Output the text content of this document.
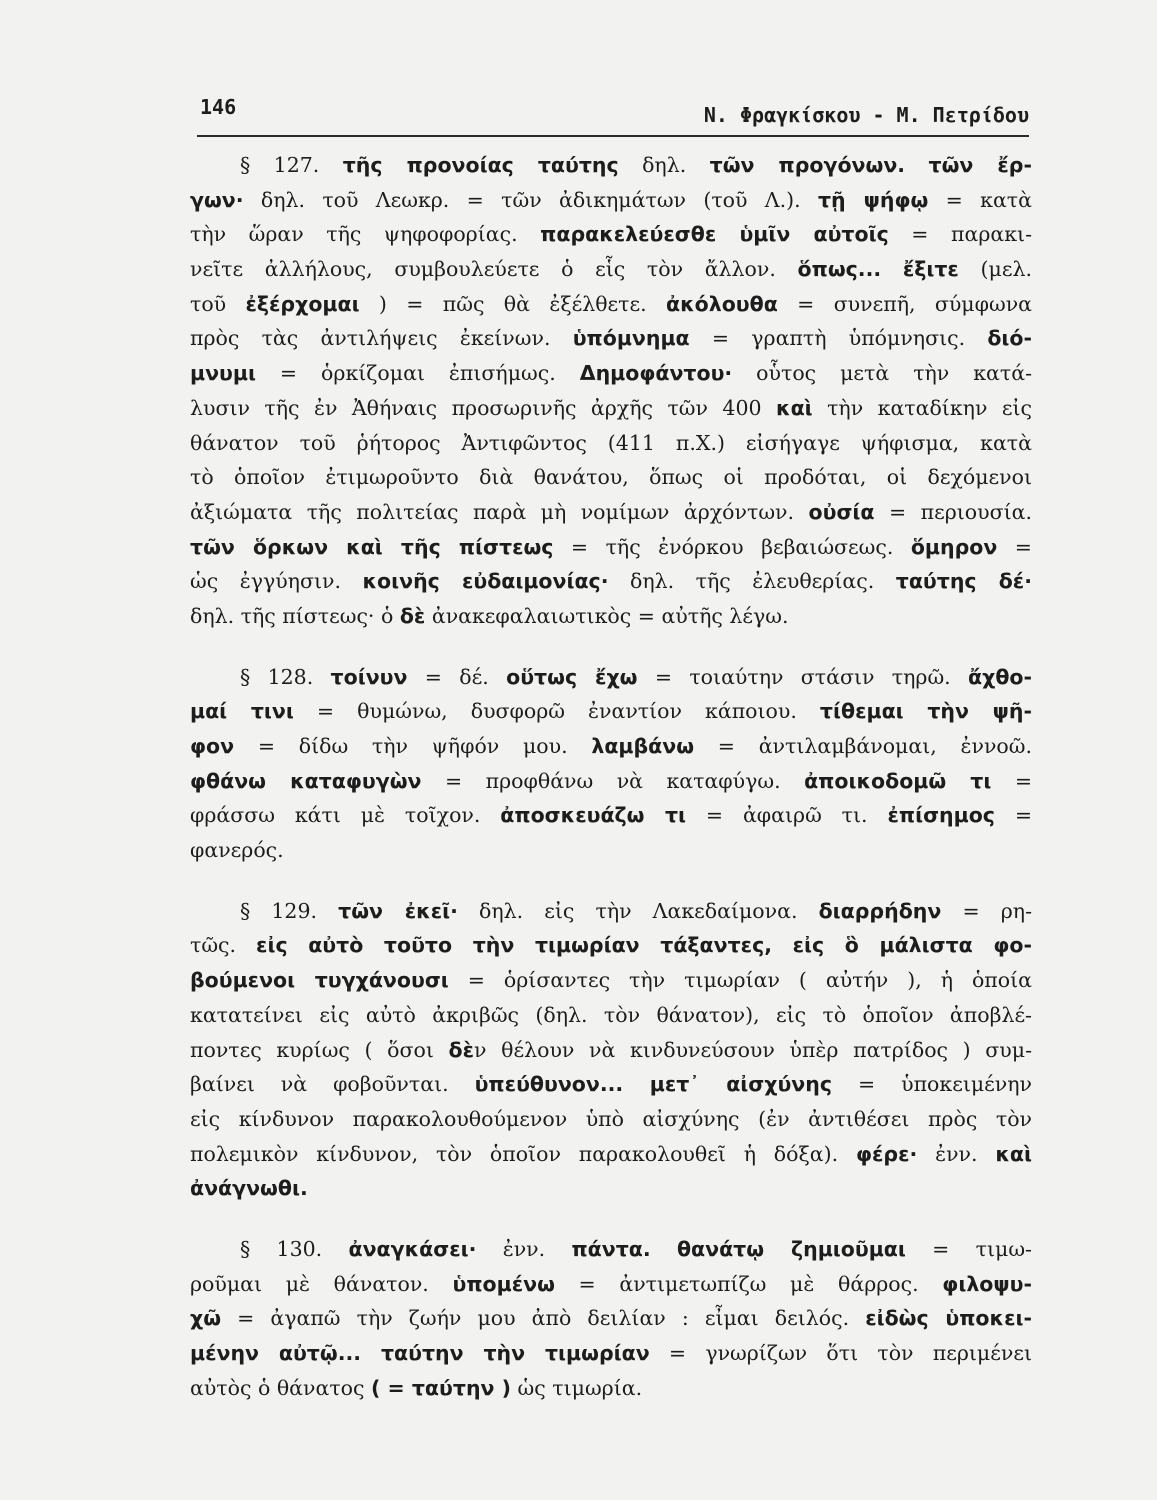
146	Ν. Φραγκίσκου - Μ. Πετρίδου
§ 127. τῆς προνοίας ταύτης δηλ. τῶν προγόνων. τῶν ἔρ-
γων· δηλ. τοῦ Λεωκρ. = τῶν ἀδικημάτων (τοῦ Λ.). τῇ ψήφῳ = κατὰ
τὴν ὥραν τῆς ψηφοφορίας. παρακελεύεσθε ὑμῖν αὐτοῖς = παρακι-
νεῖτε ἀλλήλους, συμβουλεύετε ὁ εἷς τὸν ἄλλον. ὅπως... ἔξιτε (μελ.
τοῦ ἐξέρχομαι ) = πῶς θὰ ἐξέλθετε. ἀκόλουθα = συνεπῆ, σύμφωνα
πρὸς τὰς ἀντιλήψεις ἐκείνων. ὑπόμνημα = γραπτὴ ὑπόμνησις. διό-
μνυμι = ὁρκίζομαι ἐπισήμως. Δημοφάντου· οὗτος μετὰ τὴν κατά-
λυσιν τῆς ἐν Ἀθήναις προσωρινῆς ἀρχῆς τῶν 400 καὶ τὴν καταδίκην εἰς
θάνατον τοῦ ῥήτορος Ἀντιφῶντος (411 π.Χ.) εἰσήγαγε ψήφισμα, κατὰ
τὸ ὁποῖον ἐτιμωροῦντο διὰ θανάτου, ὅπως οἱ προδόται, οἱ δεχόμενοι
ἀξιώματα τῆς πολιτείας παρὰ μὴ νομίμων ἀρχόντων. οὐσία = περιουσία.
τῶν ὅρκων καὶ τῆς πίστεως = τῆς ἐνόρκου βεβαιώσεως. ὅμηρον =
ὡς ἐγγύησιν. κοινῆς εὐδαιμονίας· δηλ. τῆς ἐλευθερίας. ταύτης δέ·
δηλ. τῆς πίστεως· ὁ δὲ ἀνακεφαλαιωτικὸς = αὐτῆς λέγω.
§ 128. τοίνυν = δέ. οὕτως ἔχω = τοιαύτην στάσιν τηρῶ. ἄχθο-
μαί τινι = θυμώνω, δυσφορῶ ἐναντίον κάποιου. τίθεμαι τὴν ψῆ-
φον = δίδω τὴν ψῆφόν μου. λαμβάνω = ἀντιλαμβάνομαι, ἐννοῶ.
φθάνω καταφυγὼν = προφθάνω νὰ καταφύγω. ἀποικοδομῶ τι =
φράσσω κάτι μὲ τοῖχον. ἀποσκευάζω τι = ἀφαιρῶ τι. ἐπίσημος =
φανερός.
§ 129. τῶν ἐκεῖ· δηλ. εἰς τὴν Λακεδαίμονα. διαρρήδην = ρη-
τῶς. εἰς αὐτὸ τοῦτο τὴν τιμωρίαν τάξαντες, εἰς ὃ μάλιστα φο-
βούμενοι τυγχάνουσι = ὁρίσαντες τὴν τιμωρίαν ( αὐτήν ), ἡ ὁποία
κατατείνει εἰς αὐτὸ ἀκριβῶς (δηλ. τὸν θάνατον), εἰς τὸ ὁποῖον ἀποβλέ-
ποντες κυρίως ( ὅσοι δὲν θέλουν νὰ κινδυνεύσουν ὑπὲρ πατρίδος ) συμ-
βαίνει νὰ φοβοῦνται. ὑπεύθυνον... μετ᾽ αἰσχύνης = ὑποκειμένην
εἰς κίνδυνον παρακολουθούμενον ὑπὸ αἰσχύνης (ἐν ἀντιθέσει πρὸς τὸν
πολεμικὸν κίνδυνον, τὸν ὁποῖον παρακολουθεῖ ἡ δόξα). φέρε· ἐνν. καὶ
ἀνάγνωθι.
§ 130. ἀναγκάσει· ἐνν. πάντα. θανάτῳ ζημιοῦμαι = τιμω-
ροῦμαι μὲ θάνατον. ὑπομένω = ἀντιμετωπίζω μὲ θάρρος. φιλοψυ-
χῶ = ἀγαπῶ τὴν ζωήν μου ἀπὸ δειλίαν : εἶμαι δειλός. εἰδὼς ὑποκει-
μένην αὐτῷ... ταύτην τὴν τιμωρίαν = γνωρίζων ὅτι τὸν περιμένει
αὐτὸς ὁ θάνατος ( = ταύτην ) ὡς τιμωρία.
